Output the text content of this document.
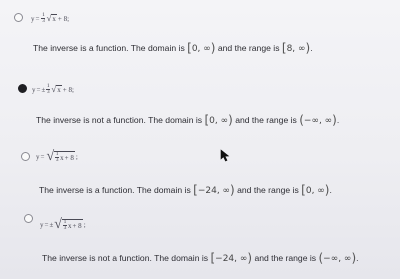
$y = \frac{1}{3}$ √ x + 8;
The inverse is a function. The domain is [0, ∞) and the range is [8, ∞).
y = ± $\frac{1}{3}$ √ x + 8;
The inverse is not a function. The domain is [0, ∞) and the range is (−∞, ∞).
y = √ $\frac{1}{3}$ x + 8 ;
The inverse is a function. The domain is [−24, ∞) and the range is [0, ∞).
y = ± √ $\frac{1}{3}$ x + 8 ;
The inverse is not a function. The domain is [−24, ∞) and the range is (−∞, ∞).
